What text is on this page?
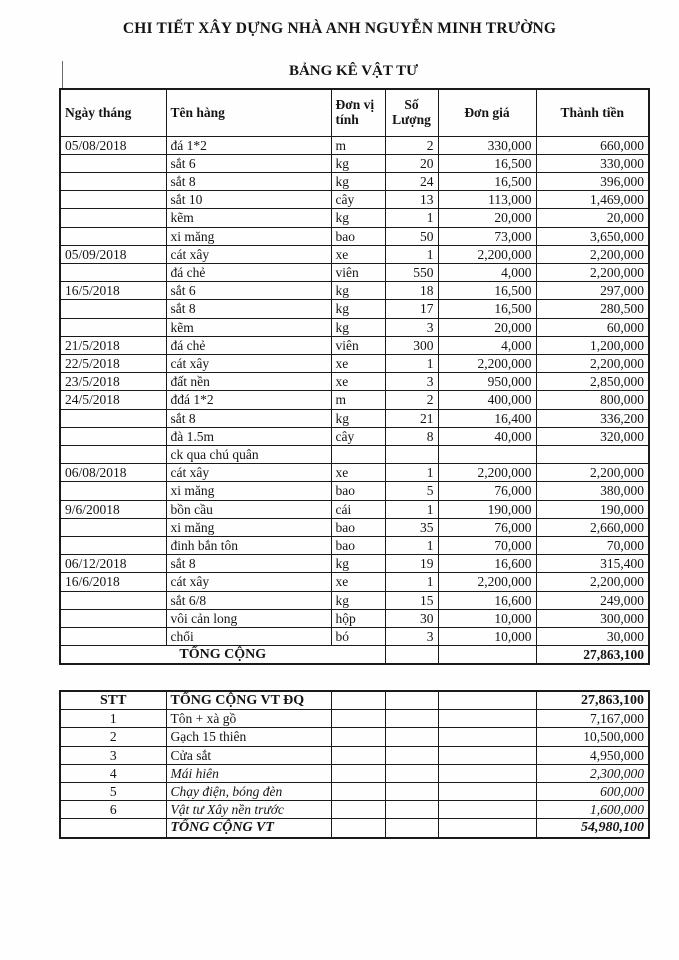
CHI TIẾT XÂY DỰNG NHÀ ANH NGUYỄN MINH TRƯỜNG
BẢNG KÊ VẬT TƯ
Ngày tháng	Tên hàng	Đơn vị tính	Số Lượng	Đơn giá	Thành tiền
05/08/2018	đá 1*2	m	2	330,000	660,000
	sắt 6	kg	20	16,500	330,000
	sắt 8	kg	24	16,500	396,000
	sắt 10	cây	13	113,000	1,469,000
	kẽm	kg	1	20,000	20,000
	xi măng	bao	50	73,000	3,650,000
05/09/2018	cát xây	xe	1	2,200,000	2,200,000
	đá chẻ	viên	550	4,000	2,200,000
16/5/2018	sắt 6	kg	18	16,500	297,000
	sắt 8	kg	17	16,500	280,500
	kẽm	kg	3	20,000	60,000
21/5/2018	đá chẻ	viên	300	4,000	1,200,000
22/5/2018	cát xây	xe	1	2,200,000	2,200,000
23/5/2018	đất nền	xe	3	950,000	2,850,000
24/5/2018	đđá 1*2	m	2	400,000	800,000
	sắt 8	kg	21	16,400	336,200
	đà 1.5m	cây	8	40,000	320,000
	ck qua chú quân				
06/08/2018	cát xây	xe	1	2,200,000	2,200,000
	xi măng	bao	5	76,000	380,000
9/6/20018	bồn cầu	cái	1	190,000	190,000
	xi măng	bao	35	76,000	2,660,000
	đinh bắn tôn	bao	1	70,000	70,000
06/12/2018	sắt 8	kg	19	16,600	315,400
16/6/2018	cát xây	xe	1	2,200,000	2,200,000
	sắt 6/8	kg	15	16,600	249,000
	vôi cản long	hộp	30	10,000	300,000
	chổi	bó	3	10,000	30,000
TỔNG CỘNG					27,863,100
STT	TỔNG CỘNG VT ĐQ				27,863,100
1	Tôn + xà gồ				7,167,000
2	Gạch 15 thiên				10,500,000
3	Cửa sắt				4,950,000
4	Mái hiên				2,300,000
5	Chạy điện, bóng đèn				600,000
6	Vật tư Xây nền trước				1,600,000
	TỔNG CỘNG VT				54,980,100
